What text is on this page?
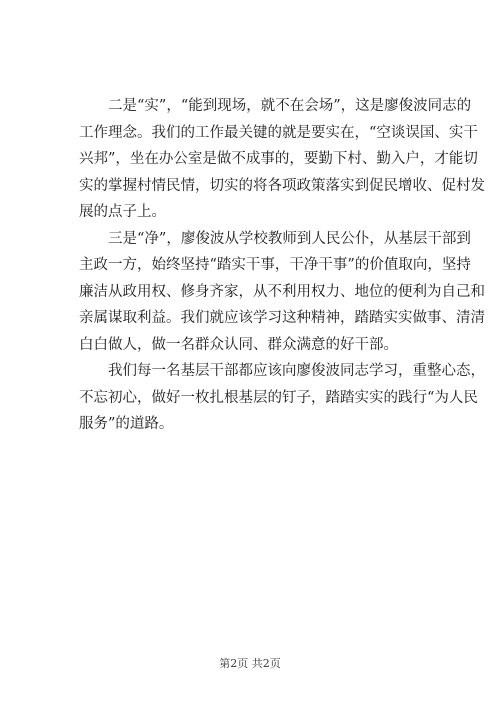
二是“实”，“能到现场，就不在会场”，这是廖俊波同志的
工作理念。我们的工作最关键的就是要实在，“空谈误国、实干
兴邦”，坐在办公室是做不成事的，要勤下村、勤入户，才能切
实的掌握村情民情，切实的将各项政策落实到促民增收、促村发
展的点子上。
三是“净”，廖俊波从学校教师到人民公仆，从基层干部到
主政一方，始终坚持“踏实干事，干净干事”的价值取向，坚持
廉洁从政用权、修身齐家，从不利用权力、地位的便利为自己和
亲属谋取利益。我们就应该学习这种精神，踏踏实实做事、清清
白白做人，做一名群众认同、群众满意的好干部。
我们每一名基层干部都应该向廖俊波同志学习，重整心态，
不忘初心，做好一枚扎根基层的钉子，踏踏实实的践行“为人民
服务”的道路。
第2页 共2页
